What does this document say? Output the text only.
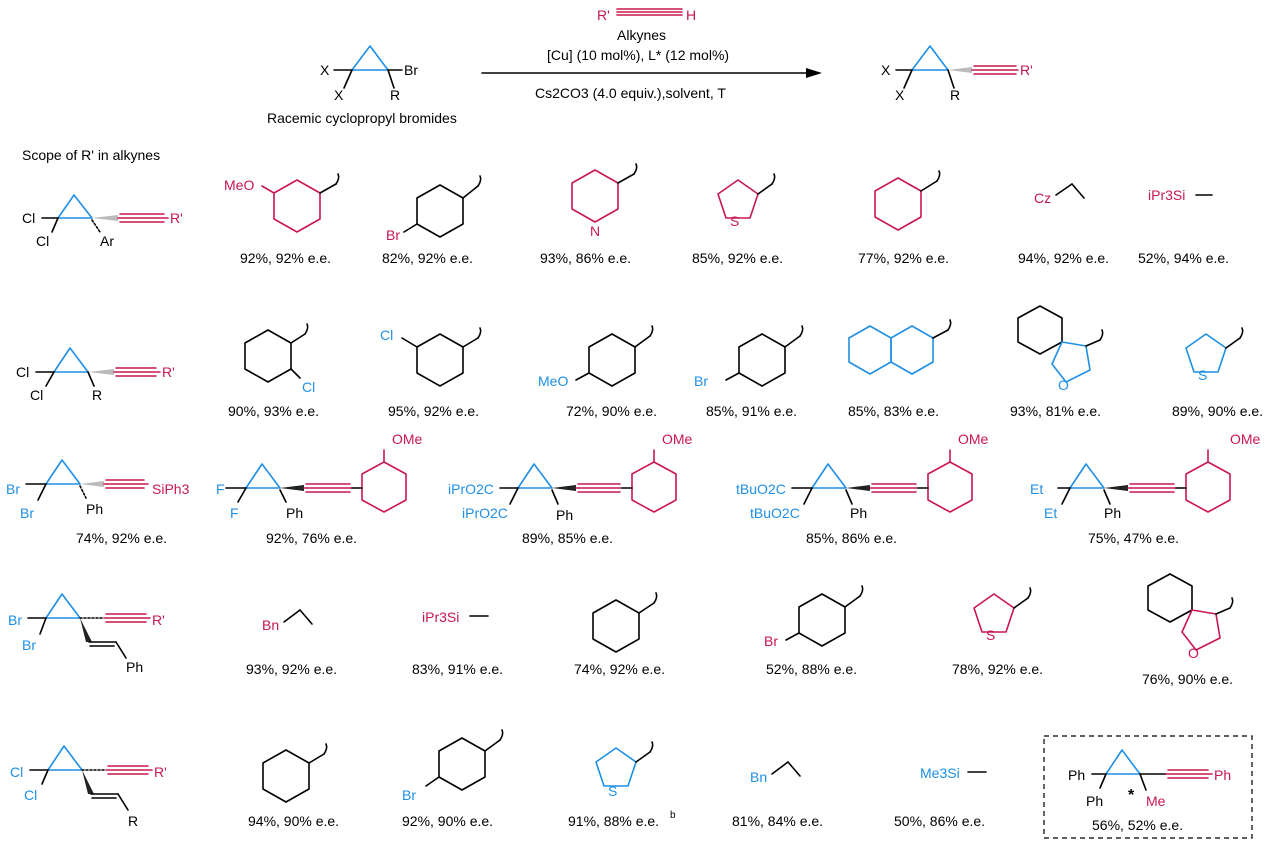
X
X
Br
R
Racemic cyclopropyl bromides
R'	H
Alkynes
[Cu] (10 mol%), L* (12 mol%)
Cs2CO3 (4.0 equiv.),solvent, T
X
X
R'
R
Scope of R' in alkynes
Cl
Cl	Ar
R'
MeO
92%, 92% e.e.
Br
82%, 92% e.e.
N
93%, 86% e.e.
S
85%, 92% e.e.	77%, 92% e.e.
Cz
94%, 92% e.e.
iPr3Si
52%, 94% e.e.
Cl
Cl	R
R'
Cl
90%, 93% e.e.
Cl
95%, 92% e.e.
MeO
72%, 90% e.e.
Br
85%, 91% e.e.	85%, 83% e.e.
O
93%, 81% e.e.
S
89%, 90% e.e.
Br
Br	Ph
SiPh3
74%, 92% e.e.
F
F	Ph
OMe
92%, 76% e.e.
iPrO2C
iPrO2C	Ph
OMe
89%, 85% e.e.
tBuO2C
tBuO2C	Ph
OMe
85%, 86% e.e.
Et
Et	Ph
OMe
75%, 47% e.e.
Br
Br
Ph
R'	Bn
93%, 92% e.e.
iPr3Si
83%, 91% e.e.	74%, 92% e.e.
Br
52%, 88% e.e.
S
78%, 92% e.e.
O
76%, 90% e.e.
Cl
Cl
R
R'
94%, 90% e.e.
Br
92%, 90% e.e.
S
91%, 88% e.e. b
Bn
81%, 84% e.e.
Me3Si
50%, 86% e.e.
Ph
Ph * Me
Ph
56%, 52% e.e.
